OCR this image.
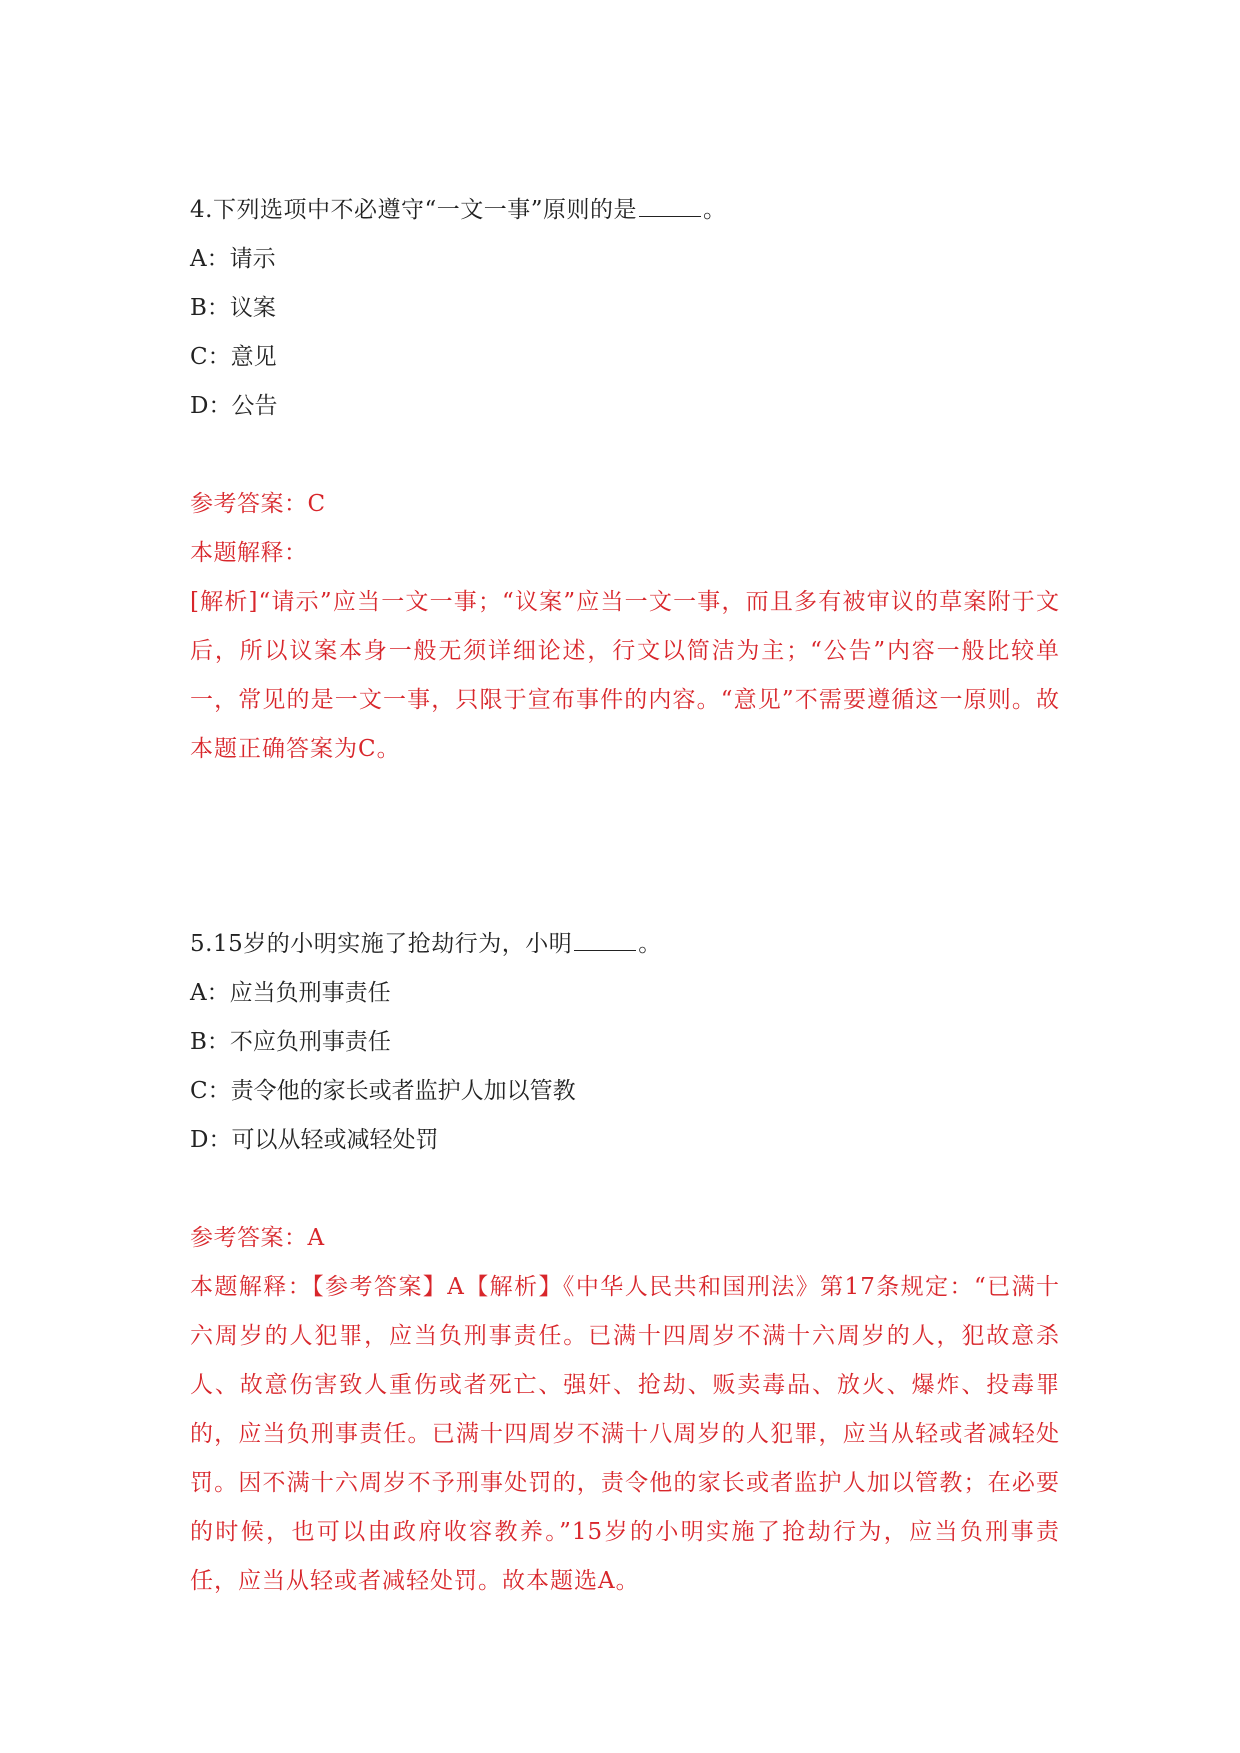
4.下列选项中不必遵守“一文一事”原则的是	。
A：请示
B：议案
C：意见
D：公告
参考答案：C
本题解释：
[解析]“请示”应当一文一事；“议案”应当一文一事，而且多有被审议的草案附于文后，所以议案本身一般无须详细论述，行文以简洁为主；“公告”内容一般比较单一，常见的是一文一事，只限于宣布事件的内容。“意见”不需要遵循这一原则。故本题正确答案为C。
5.15岁的小明实施了抢劫行为，小明	。
A：应当负刑事责任
B：不应负刑事责任
C：责令他的家长或者监护人加以管教
D：可以从轻或减轻处罚
参考答案：A
本题解释：【参考答案】A【解析】《中华人民共和国刑法》第17条规定：“已满十六周岁的人犯罪，应当负刑事责任。已满十四周岁不满十六周岁的人，犯故意杀人、故意伤害致人重伤或者死亡、强奸、抢劫、贩卖毒品、放火、爆炸、投毒罪的，应当负刑事责任。已满十四周岁不满十八周岁的人犯罪，应当从轻或者减轻处罚。因不满十六周岁不予刑事处罚的，责令他的家长或者监护人加以管教；在必要的时候，也可以由政府收容教养。”15岁的小明实施了抢劫行为，应当负刑事责任，应当从轻或者减轻处罚。故本题选A。
